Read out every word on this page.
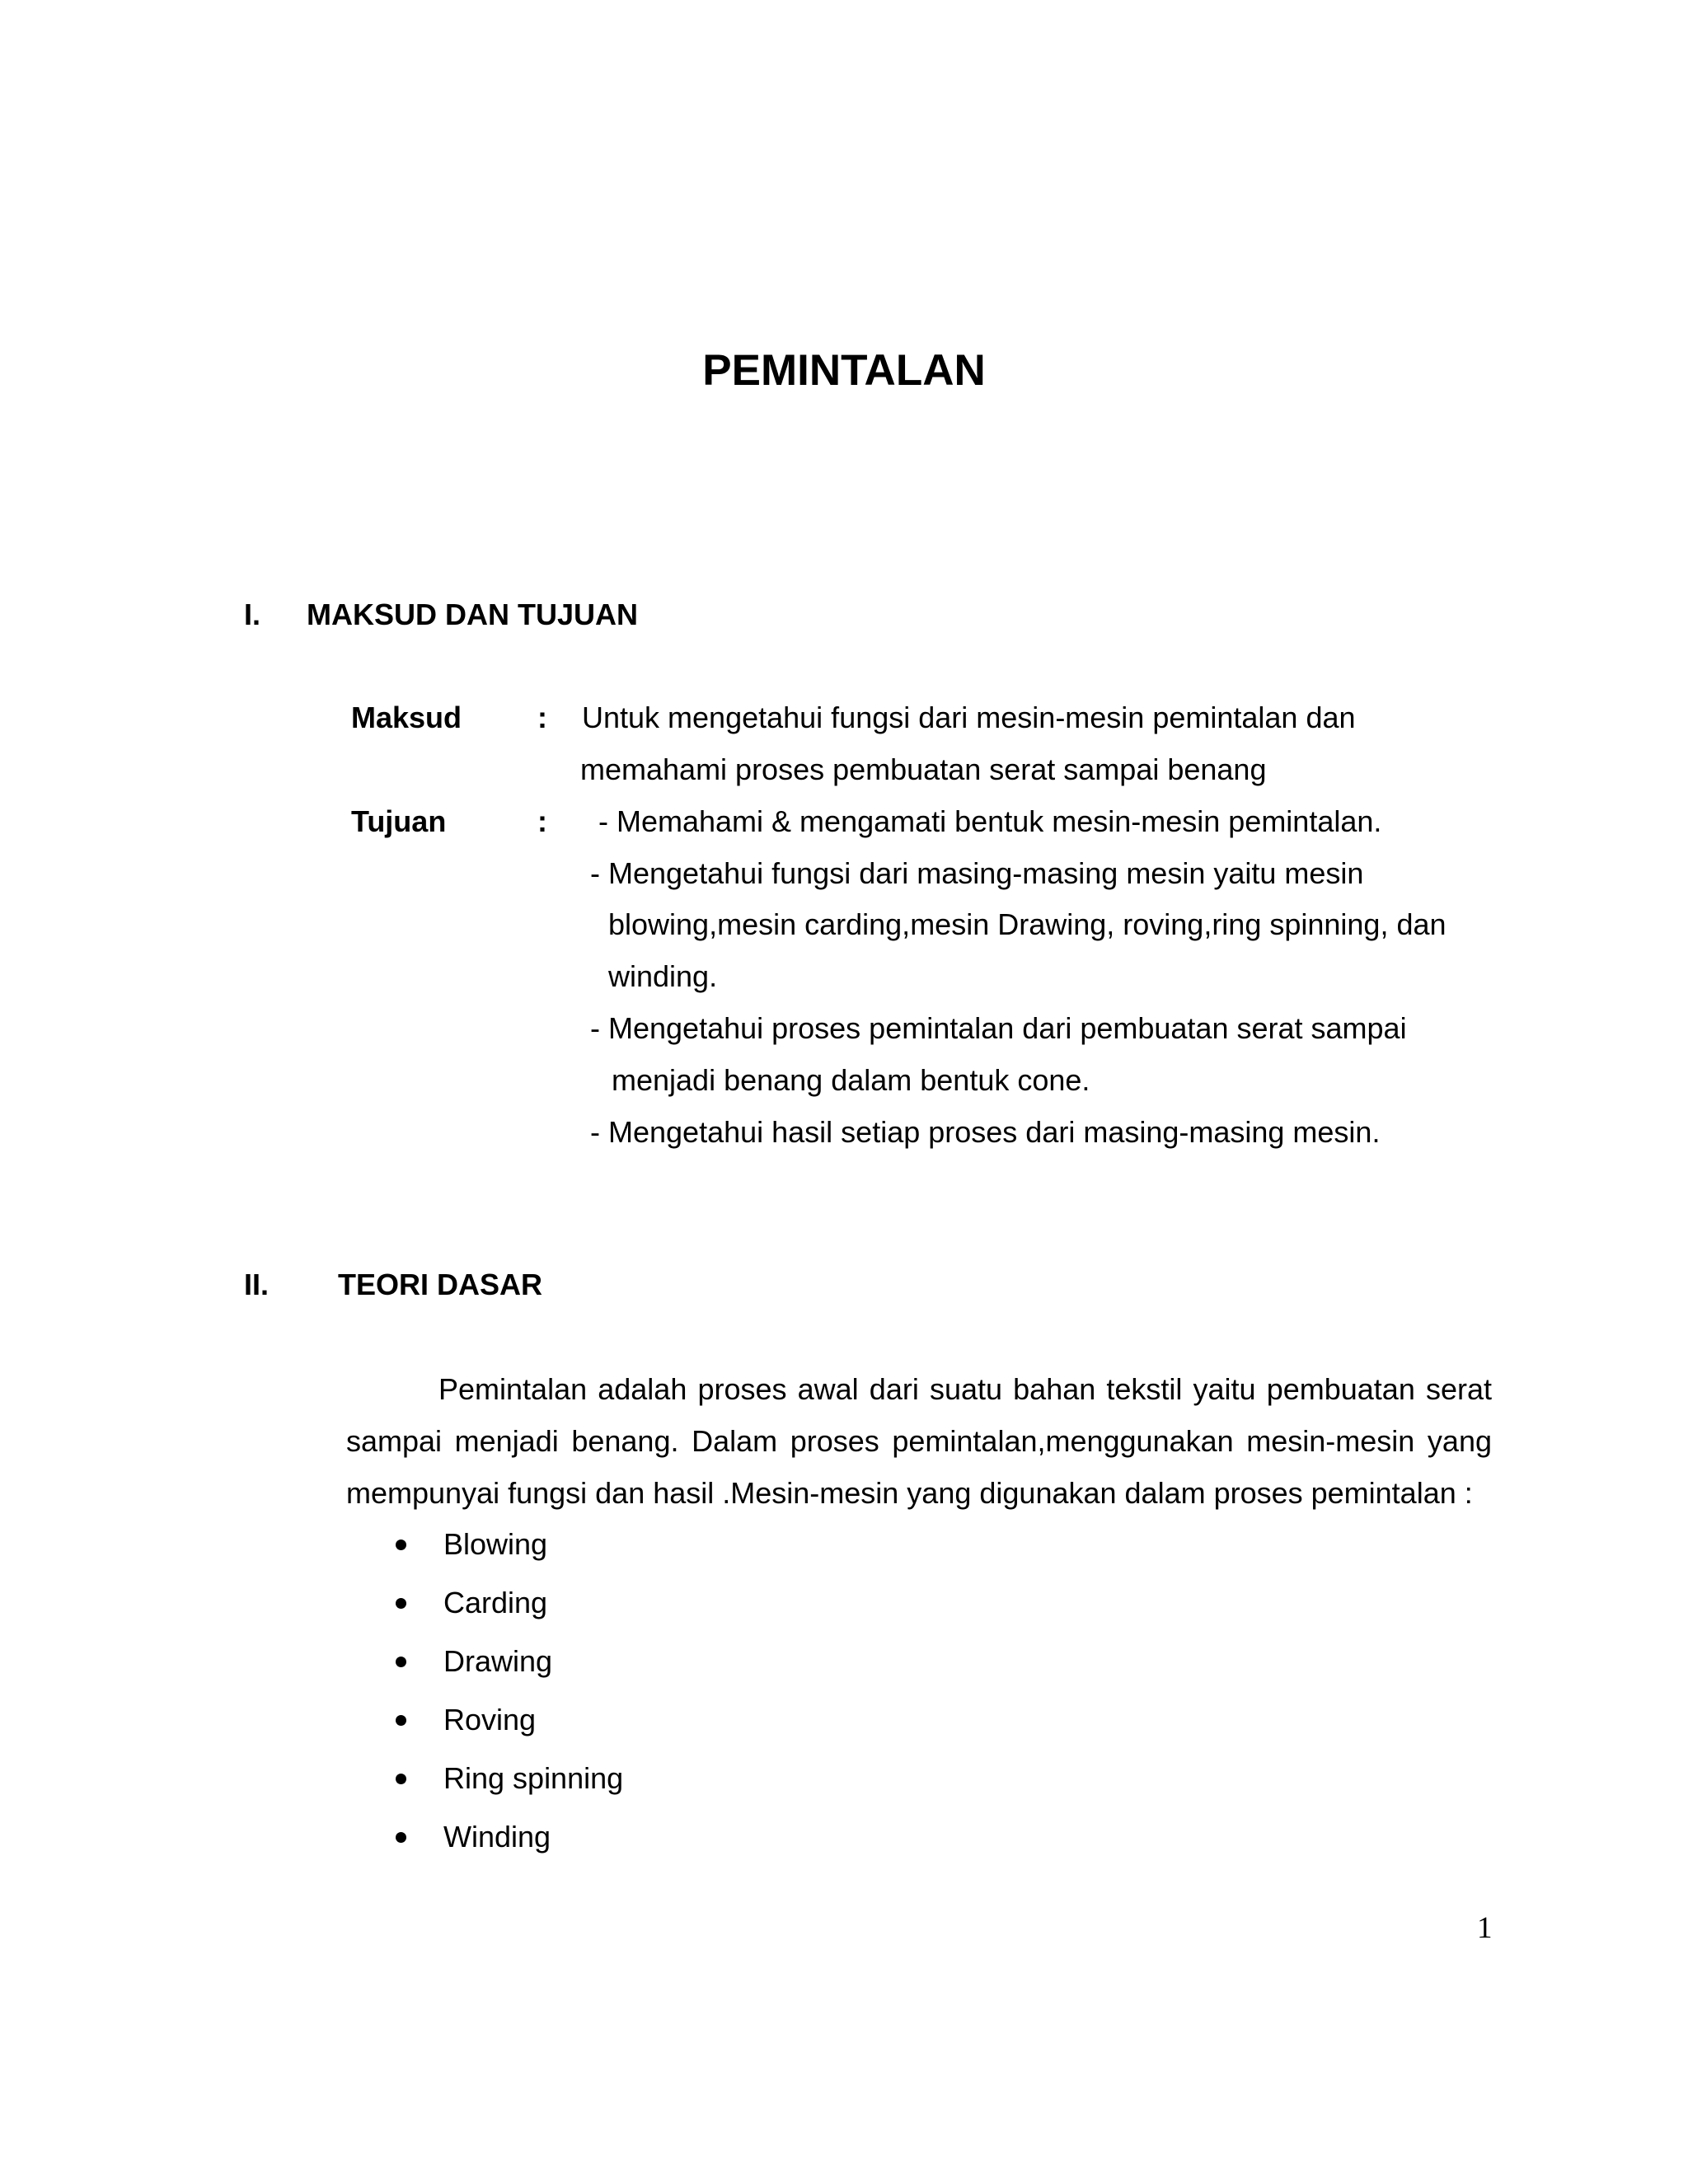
PEMINTALAN
I. MAKSUD DAN TUJUAN
Maksud	: Untuk mengetahui fungsi dari mesin-mesin pemintalan dan
memahami proses pembuatan serat sampai benang
Tujuan	: - Memahami & mengamati bentuk mesin-mesin pemintalan.
- Mengetahui fungsi dari masing-masing mesin yaitu mesin
blowing,mesin carding,mesin Drawing, roving,ring spinning, dan
winding.
- Mengetahui proses pemintalan dari pembuatan serat sampai
menjadi benang dalam bentuk cone.
- Mengetahui hasil setiap proses dari masing-masing mesin.
II. TEORI DASAR
Pemintalan adalah proses awal dari suatu bahan tekstil yaitu pembuatan serat sampai menjadi benang. Dalam proses pemintalan,menggunakan mesin-mesin yang mempunyai fungsi dan hasil .Mesin-mesin yang digunakan dalam proses pemintalan :
Blowing
Carding
Drawing
Roving
Ring spinning
Winding
1
